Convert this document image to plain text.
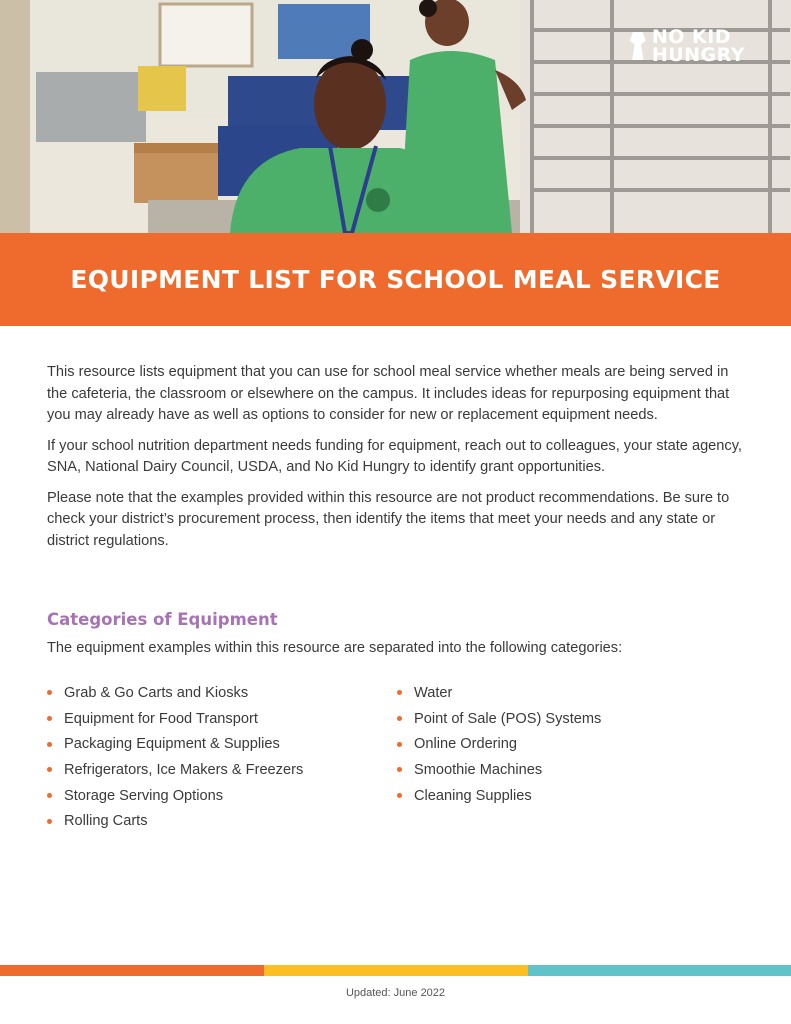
NO KID
HUNGRY
EQUIPMENT LIST FOR SCHOOL MEAL SERVICE

This resource lists equipment that you can use for school meal service whether meals are being served in the cafeteria, the classroom or elsewhere on the campus. It includes ideas for repurposing equipment that you may already have as well as options to consider for new or replacement equipment needs.

If your school nutrition department needs funding for equipment, reach out to colleagues, your state agency, SNA, National Dairy Council, USDA, and No Kid Hungry to identify grant opportunities.

Please note that the examples provided within this resource are not product recommendations. Be sure to check your district’s procurement process, then identify the items that meet your needs and any state or district regulations.

Categories of Equipment

The equipment examples within this resource are separated into the following categories:

Grab & Go Carts and Kiosks
Equipment for Food Transport
Packaging Equipment & Supplies
Refrigerators, Ice Makers & Freezers
Storage Serving Options
Rolling Carts
Water
Point of Sale (POS) Systems
Online Ordering
Smoothie Machines
Cleaning Supplies
Updated: June 2022
